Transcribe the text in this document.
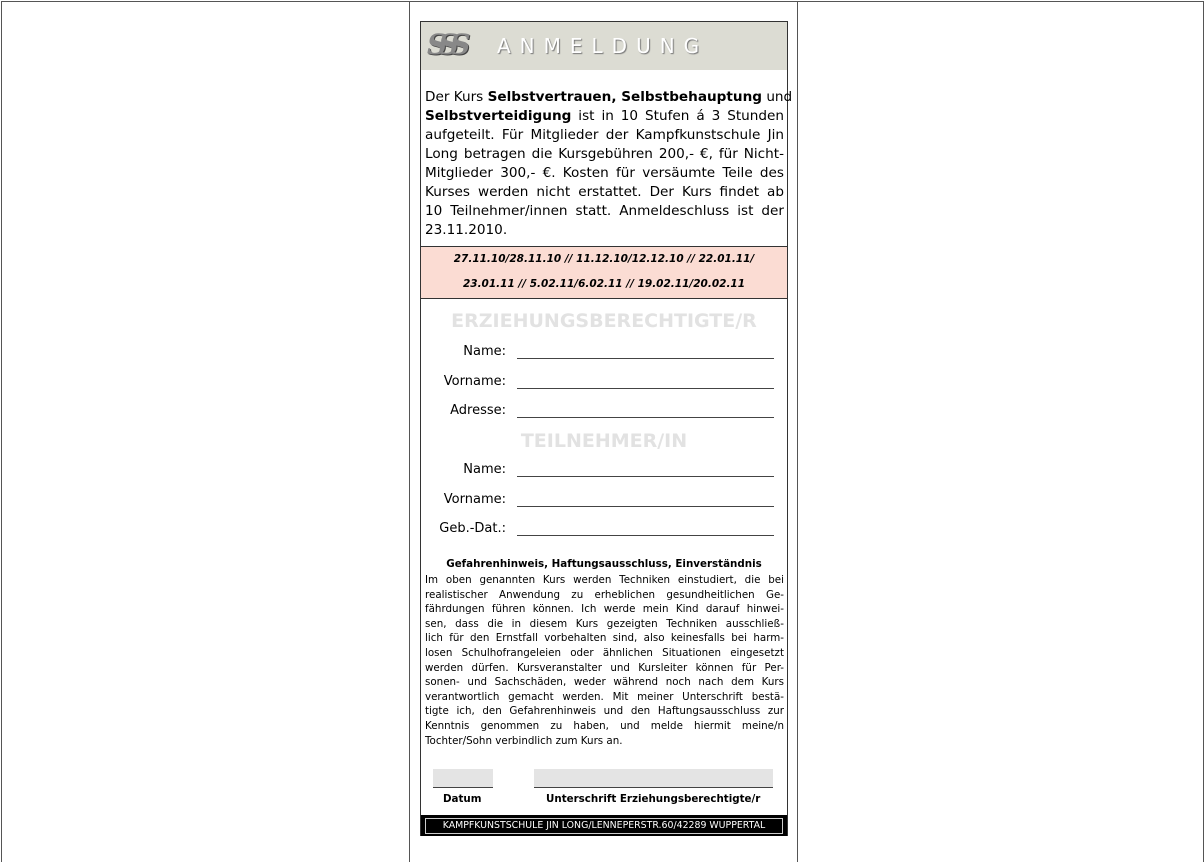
SSS ANMELDUNG
Der Kurs Selbstvertrauen, Selbstbehauptung und
Selbstverteidigung ist in 10 Stufen á 3 Stunden
aufgeteilt. Für Mitglieder der Kampfkunstschule Jin
Long betragen die Kursgebühren 200,- €, für Nicht-
Mitglieder 300,- €. Kosten für versäumte Teile des
Kurses werden nicht erstattet. Der Kurs findet ab
10 Teilnehmer/innen statt. Anmeldeschluss ist der
23.11.2010.
27.11.10/28.11.10 // 11.12.10/12.12.10 // 22.01.11/
23.01.11 // 5.02.11/6.02.11 // 19.02.11/20.02.11
ERZIEHUNGSBERECHTIGTE/R
Name:
Vorname:
Adresse:
TEILNEHMER/IN
Name:
Vorname:
Geb.-Dat.:
Gefahrenhinweis, Haftungsausschluss, Einverständnis
Im oben genannten Kurs werden Techniken einstudiert, die bei
realistischer Anwendung zu erheblichen gesundheitlichen Ge-
fährdungen führen können. Ich werde mein Kind darauf hinwei-
sen, dass die in diesem Kurs gezeigten Techniken ausschließ-
lich für den Ernstfall vorbehalten sind, also keinesfalls bei harm-
losen Schulhofrangeleien oder ähnlichen Situationen eingesetzt
werden dürfen. Kursveranstalter und Kursleiter können für Per-
sonen- und Sachschäden, weder während noch nach dem Kurs
verantwortlich gemacht werden. Mit meiner Unterschrift bestä-
tigte ich, den Gefahrenhinweis und den Haftungsausschluss zur
Kenntnis genommen zu haben, und melde hiermit meine/n
Tochter/Sohn verbindlich zum Kurs an.
Datum	Unterschrift Erziehungsberechtigte/r
KAMPFKUNSTSCHULE JIN LONG/LENNEPERSTR.60/42289 WUPPERTAL
